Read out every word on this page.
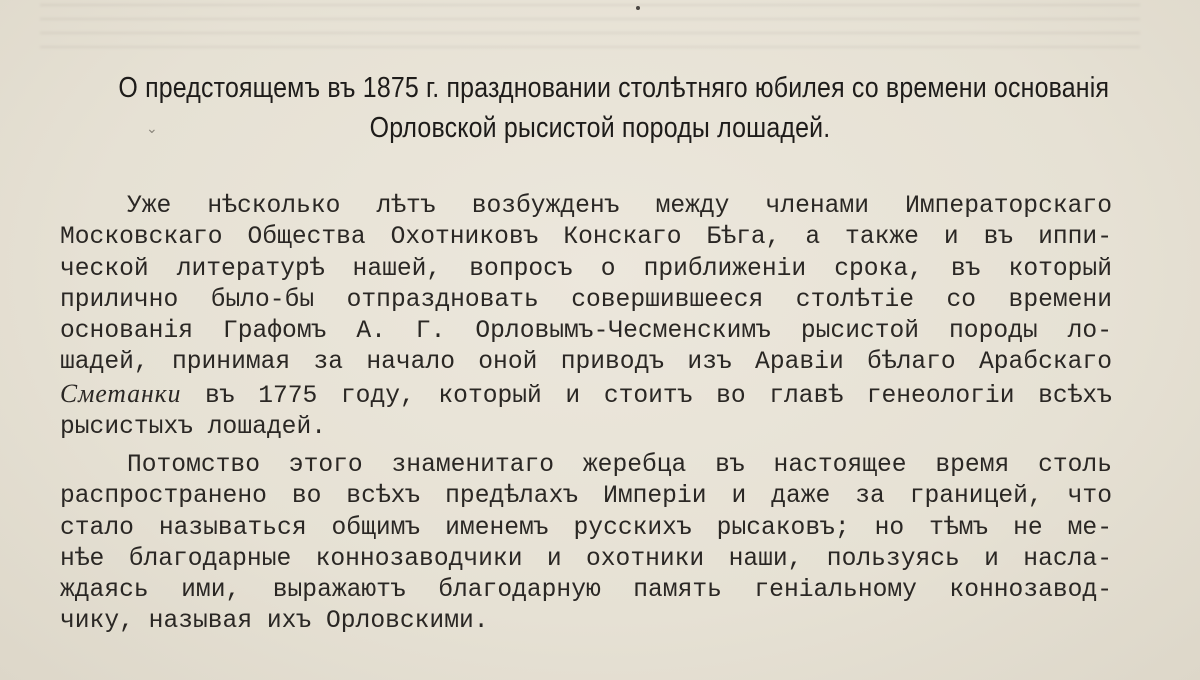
⌄
О предстоящемъ въ 1875 г. праздновании столѣтняго юбилея со времени основанія
Орловской рысистой породы лошадей.
Уже нѣсколько лѣтъ возбужденъ между членами Императорскаго
Московскаго Общества Охотниковъ Конскаго Бѣга, а также и въ иппи-
ческой литературѣ нашей, вопросъ о приближенiи срока, въ который
прилично было-бы отпраздновать совершившееся столѣтіе со времени
основанія Графомъ А. Г. Орловымъ-Чесменскимъ рысистой породы ло-
шадей, принимая за начало оной приводъ изъ Аравiи бѣлаго Арабскаго
Сметанки въ 1775 году, который и стоитъ во главѣ генеологiи всѣхъ
рысистыхъ лошадей.
Потомство этого знаменитаго жеребца въ настоящее время столь
распространено во всѣхъ предѣлахъ Имперiи и даже за границей, что
стало называться общимъ именемъ русскихъ рысаковъ; но тѣмъ не ме-
нѣе благодарные коннозаводчики и охотники наши, пользуясь и наслa-
ждаясь ими, выражаютъ благодарную память генiальному коннозавод-
чику, называя ихъ Орловскими.
